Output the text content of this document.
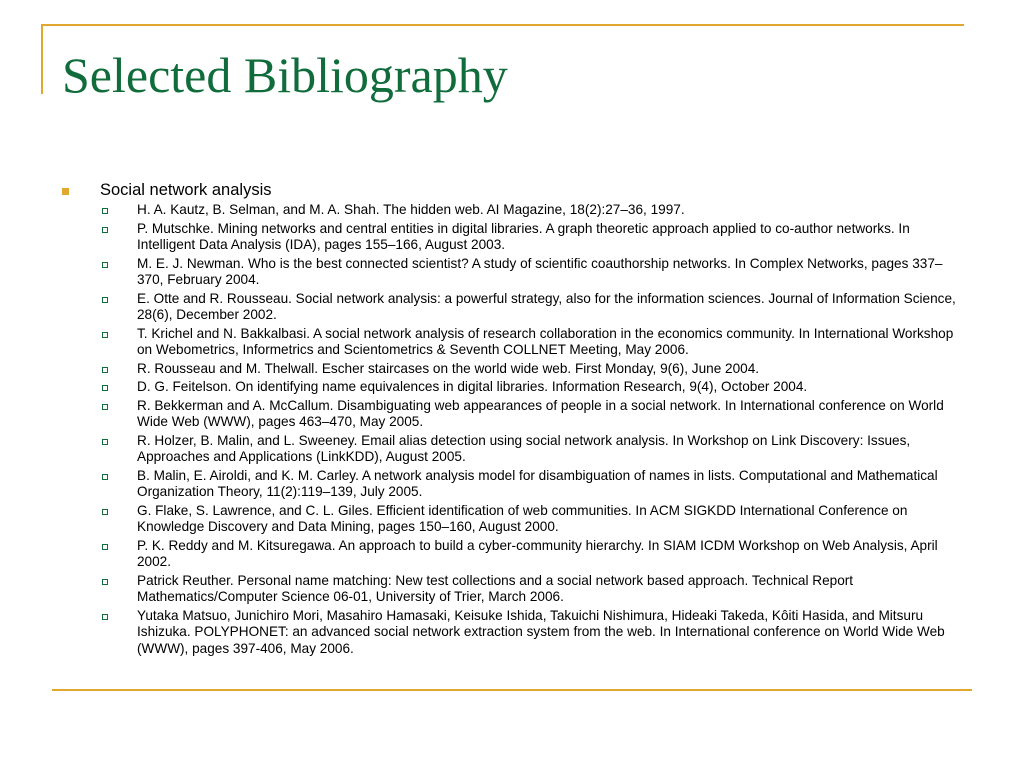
Selected Bibliography
Social network analysis
H. A. Kautz, B. Selman, and M. A. Shah. The hidden web. AI Magazine, 18(2):27–36, 1997.
P. Mutschke. Mining networks and central entities in digital libraries. A graph theoretic approach applied to co-author networks. In Intelligent Data Analysis (IDA), pages 155–166, August 2003.
M. E. J. Newman. Who is the best connected scientist? A study of scientific coauthorship networks. In Complex Networks, pages 337–370, February 2004.
E. Otte and R. Rousseau. Social network analysis: a powerful strategy, also for the information sciences. Journal of Information Science, 28(6), December 2002.
T. Krichel and N. Bakkalbasi. A social network analysis of research collaboration in the economics community. In International Workshop on Webometrics, Informetrics and Scientometrics & Seventh COLLNET Meeting, May 2006.
R. Rousseau and M. Thelwall. Escher staircases on the world wide web. First Monday, 9(6), June 2004.
D. G. Feitelson. On identifying name equivalences in digital libraries. Information Research, 9(4), October 2004.
R. Bekkerman and A. McCallum. Disambiguating web appearances of people in a social network. In International conference on World Wide Web (WWW), pages 463–470, May 2005.
R. Holzer, B. Malin, and L. Sweeney. Email alias detection using social network analysis. In Workshop on Link Discovery: Issues, Approaches and Applications (LinkKDD), August 2005.
B. Malin, E. Airoldi, and K. M. Carley. A network analysis model for disambiguation of names in lists. Computational and Mathematical Organization Theory, 11(2):119–139, July 2005.
G. Flake, S. Lawrence, and C. L. Giles. Efficient identification of web communities. In ACM SIGKDD International Conference on Knowledge Discovery and Data Mining, pages 150–160, August 2000.
P. K. Reddy and M. Kitsuregawa. An approach to build a cyber-community hierarchy. In SIAM ICDM Workshop on Web Analysis, April 2002.
Patrick Reuther. Personal name matching: New test collections and a social network based approach. Technical Report Mathematics/Computer Science 06-01, University of Trier, March 2006.
Yutaka Matsuo, Junichiro Mori, Masahiro Hamasaki, Keisuke Ishida, Takuichi Nishimura, Hideaki Takeda, Kôiti Hasida, and Mitsuru Ishizuka. POLYPHONET: an advanced social network extraction system from the web. In International conference on World Wide Web (WWW), pages 397-406, May 2006.
